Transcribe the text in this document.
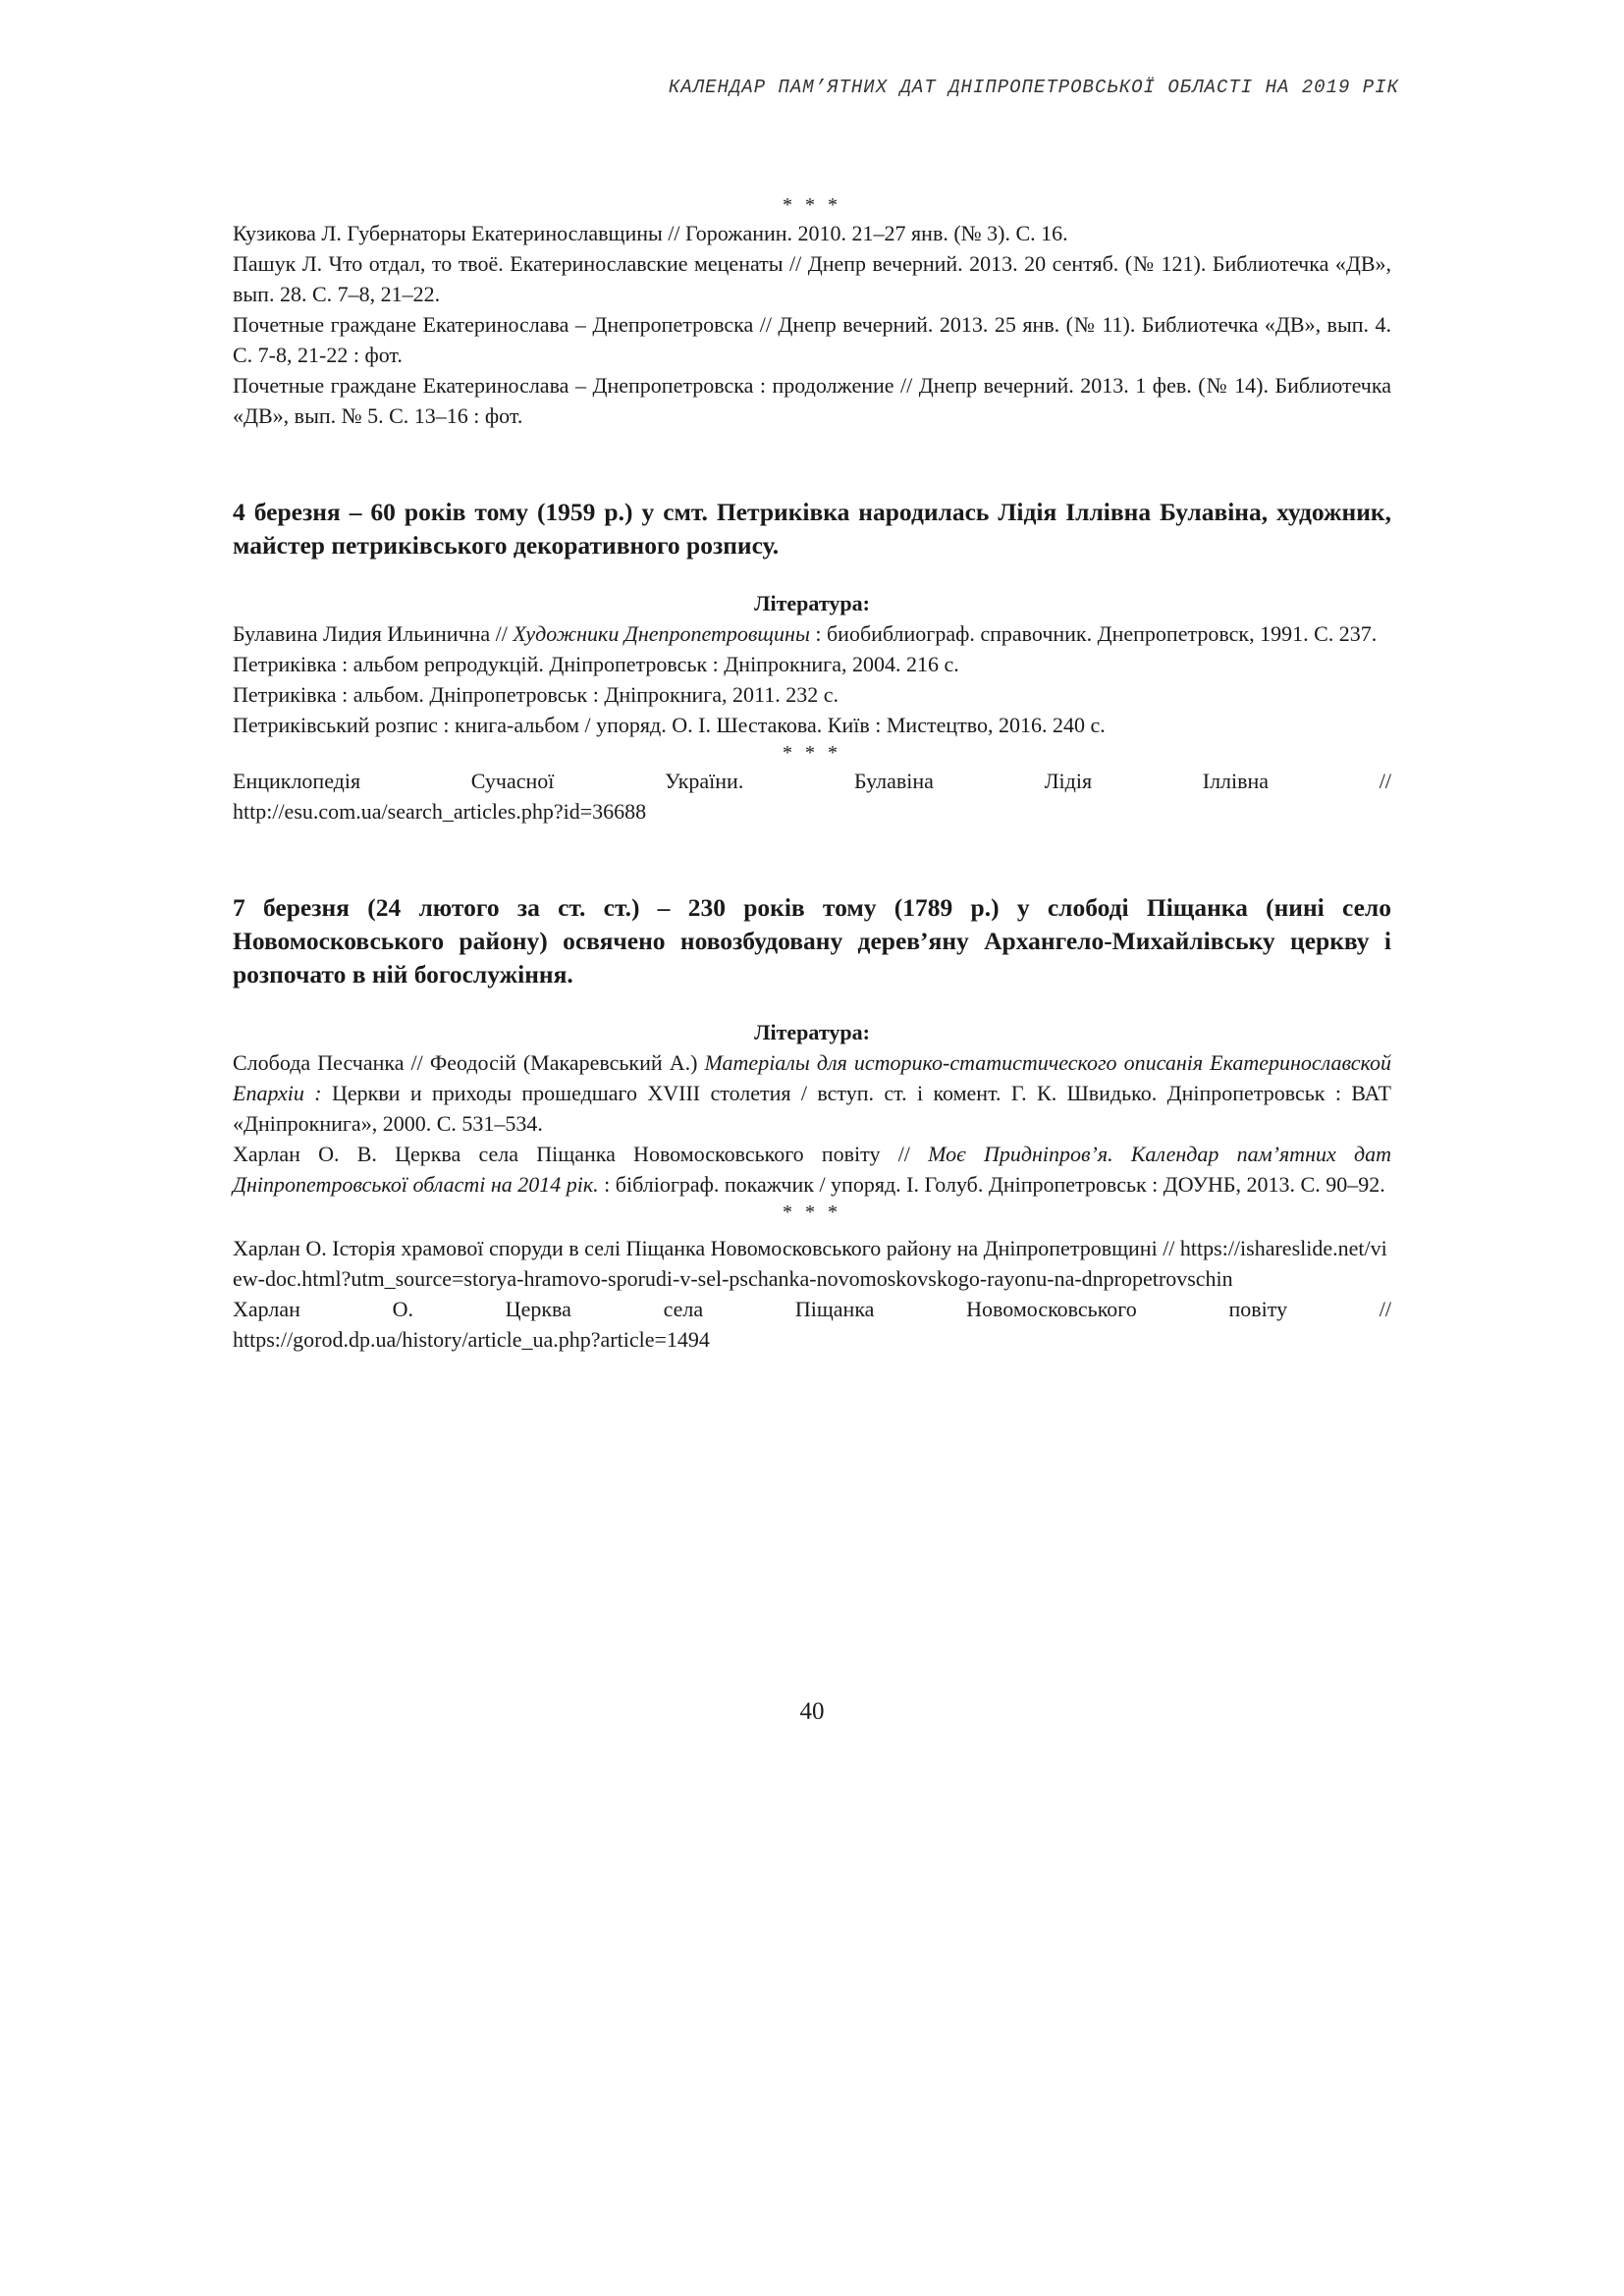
КАЛЕНДАР ПАМ’ЯТНИХ ДАТ ДНІПРОПЕТРОВСЬКОЇ ОБЛАСТІ НА 2019 РІК

* * *

Кузикова Л. Губернаторы Екатеринославщины // Горожанин. 2010. 21–27 янв. (№ 3). С. 16.

Пашук Л. Что отдал, то твоё. Екатеринославские меценаты // Днепр вечерний. 2013. 20 сентяб. (№ 121). Библиотечка «ДВ», вып. 28. С. 7–8, 21–22.

Почетные граждане Екатеринослава – Днепропетровска // Днепр вечерний. 2013. 25 янв. (№ 11). Библиотечка «ДВ», вып. 4. С. 7-8, 21-22 : фот.

Почетные граждане Екатеринослава – Днепропетровска : продолжение // Днепр вечерний. 2013. 1 фев. (№ 14). Библиотечка «ДВ», вып. № 5. С. 13–16 : фот.

4 березня – 60 років тому (1959 р.) у смт. Петриківка народилась Лідія Іллівна Булавіна, художник, майстер петриківського декоративного розпису.

Література:

Булавина Лидия Ильинична // Художники Днепропетровщины : биобиблиограф. справочник. Днепропетровск, 1991. С. 237.

Петриківка : альбом репродукцій. Дніпропетровськ : Дніпрокнига, 2004. 216 с.

Петриківка : альбом. Дніпропетровськ : Дніпрокнига, 2011. 232 с.

Петриківський розпис : книга-альбом / упоряд. О. І. Шестакова. Київ : Мистецтво, 2016. 240 с.

* * *

Енциклопедія Сучасної України. Булавіна Лідія Іллівна //

http://esu.com.ua/search_articles.php?id=36688

7 березня (24 лютого за ст. ст.) – 230 років тому (1789 р.) у слободі Піщанка (нині село Новомосковського району) освячено новозбудовану дерев’яну Архангело-Михайлівську церкву і розпочато в ній богослужіння.

Література:

Слобода Песчанка // Феодосій (Макаревський А.) Матеріалы для историко-статистического описанія Екатеринославской Епархіи : Церкви и приходы прошедшаго XVIII столетия / вступ. ст. і комент. Г. К. Швидько. Дніпропетровськ : ВАТ «Дніпрокнига», 2000. С. 531–534.

Харлан О. В. Церква села Піщанка Новомосковського повіту // Моє Придніпров’я. Календар пам’ятних дат Дніпропетровської області на 2014 рік. : бібліограф. покажчик / упоряд. І. Голуб. Дніпропетровськ : ДОУНБ, 2013. С. 90–92.

* * *

Харлан О. Історія храмової споруди в селі Піщанка Новомосковського району на Дніпропетровщині // https://ishareslide.net/view-doc.html?utm_source=storya-hramovo-sporudi-v-sel-pschanka-novomoskovskogo-rayonu-na-dnpropetrovschin

Харлан О. Церква села Піщанка Новомосковського повіту //

https://gorod.dp.ua/history/article_ua.php?article=1494

40
